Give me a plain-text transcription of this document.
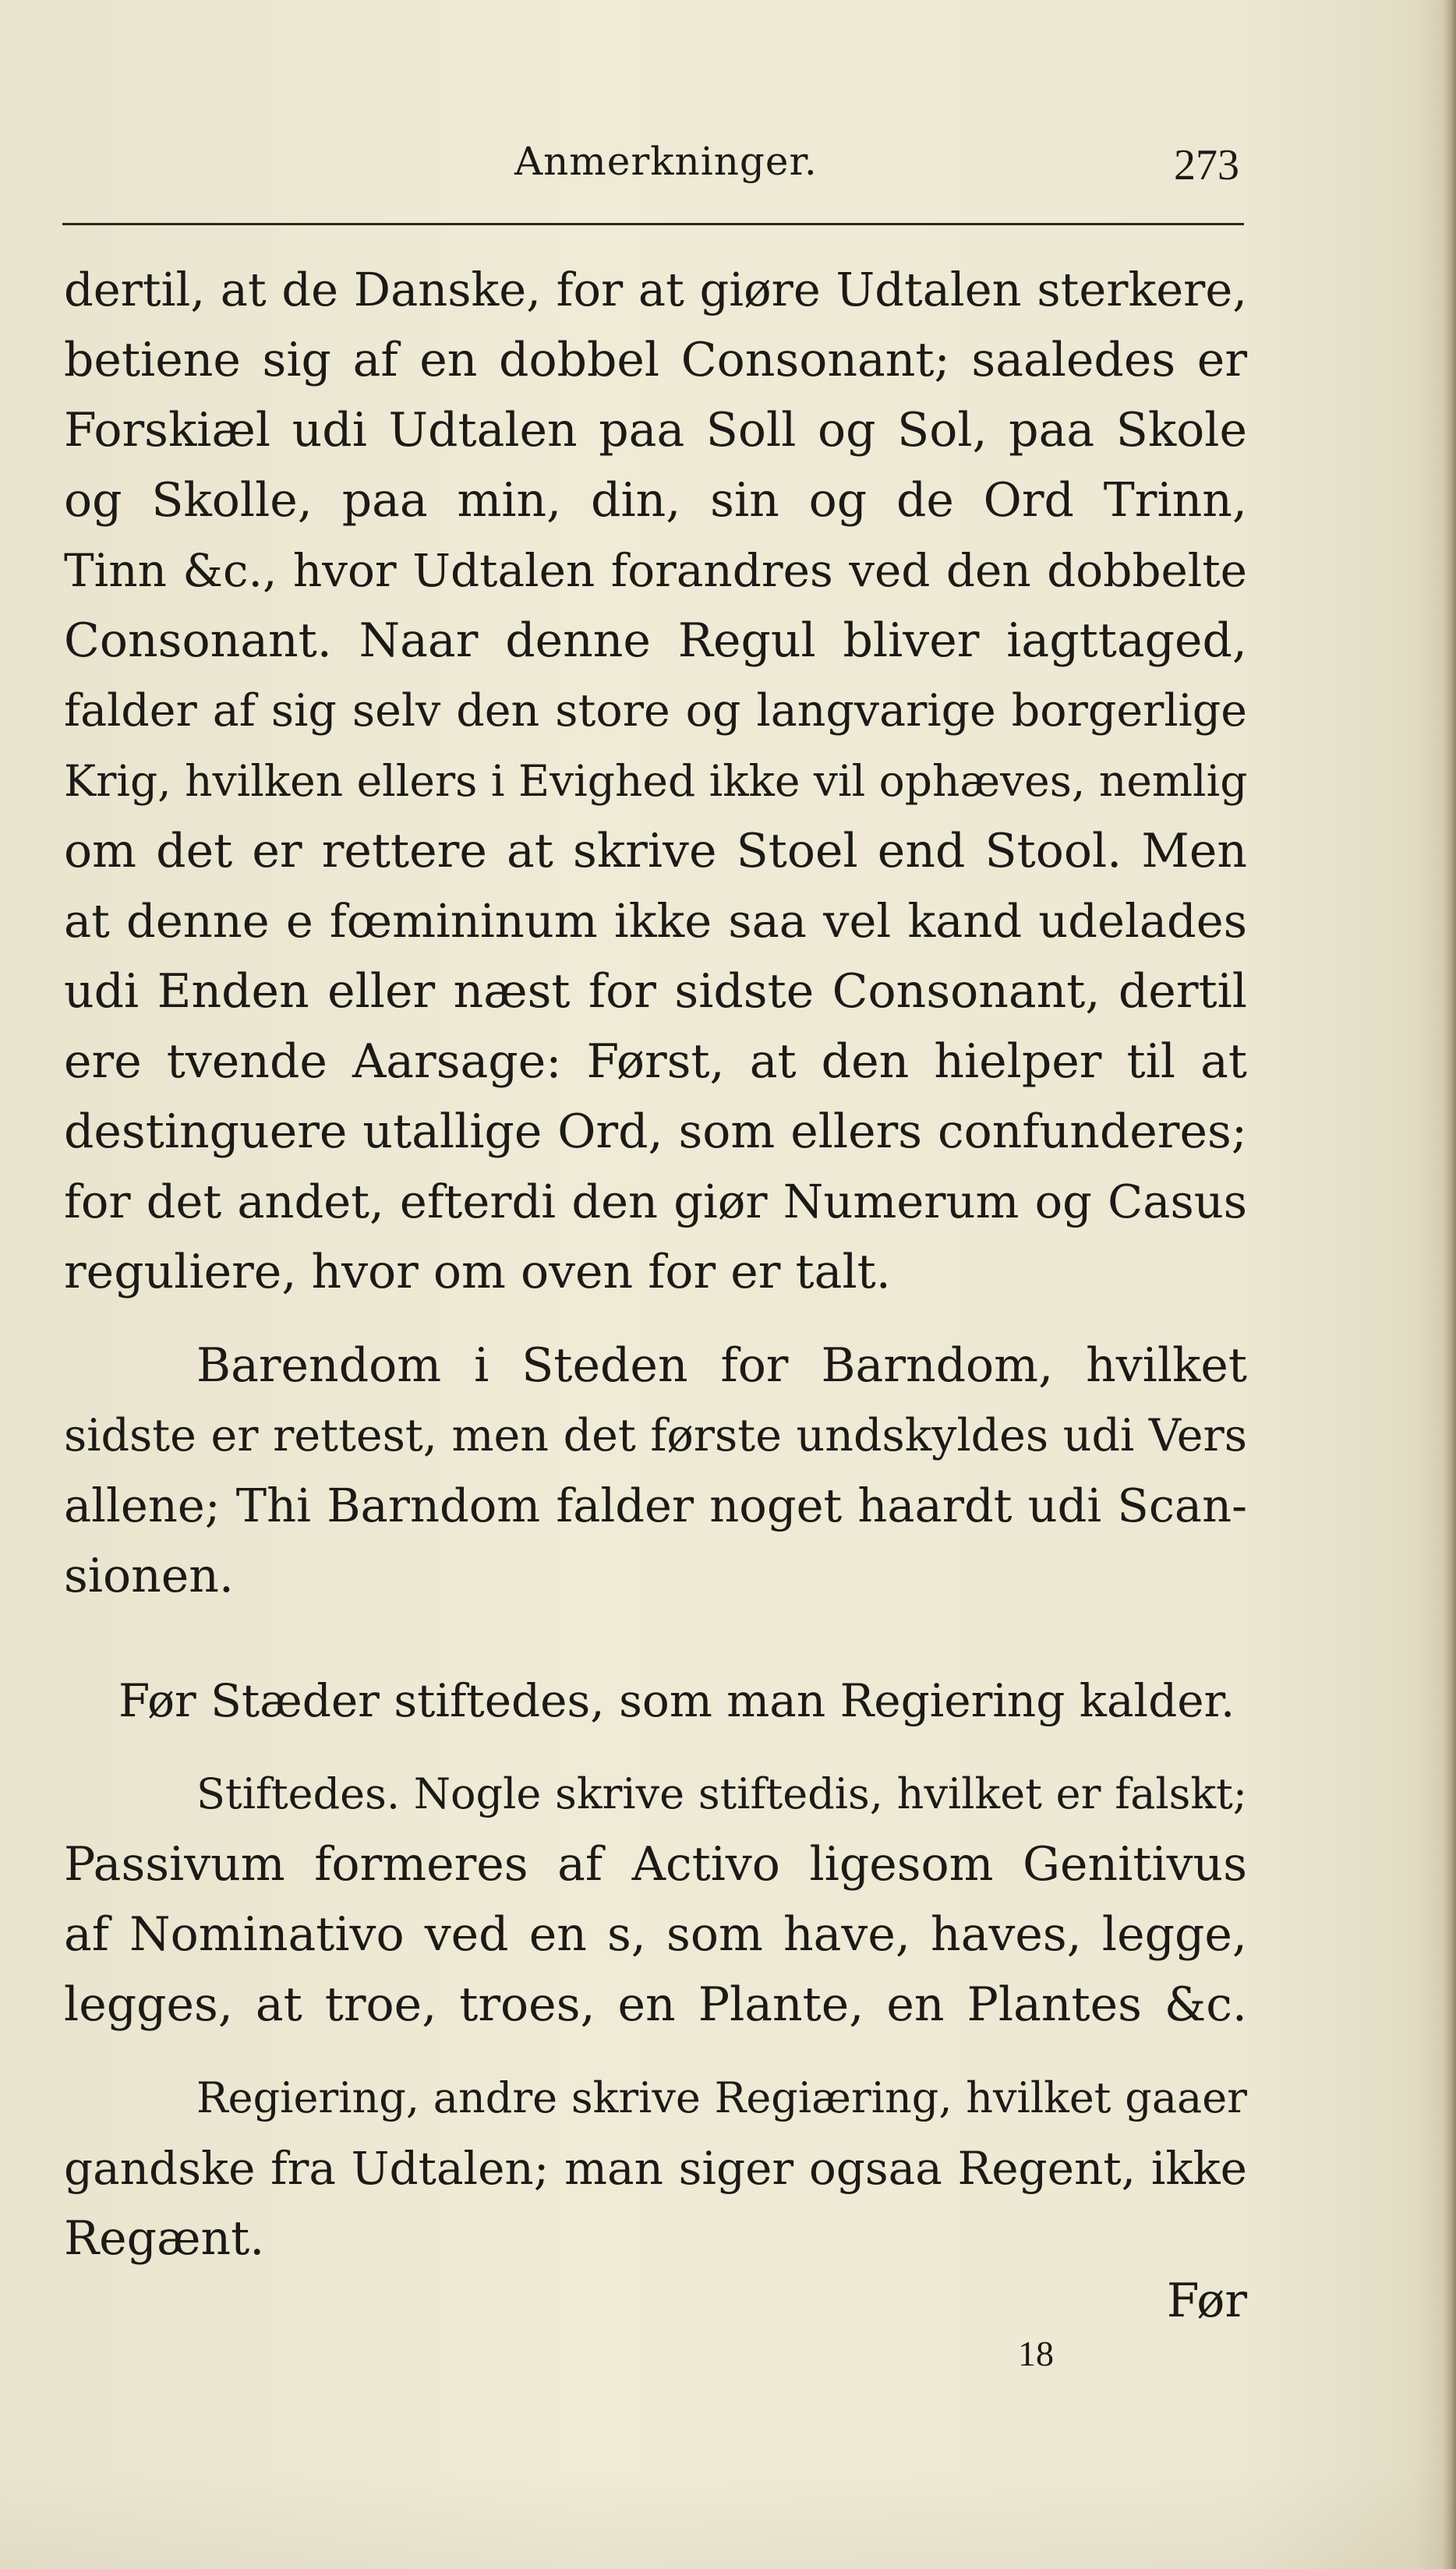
Anmerkninger.	273
dertil, at de Danske, for at giøre Udtalen sterkere,
betiene sig af en dobbel Consonant; saaledes er
Forskiæl udi Udtalen paa Soll og Sol, paa Skole
og Skolle, paa min, din, sin og de Ord Trinn,
Tinn &c., hvor Udtalen forandres ved den dobbelte
Consonant. Naar denne Regul bliver iagttaged,
falder af sig selv den store og langvarige borgerlige
Krig, hvilken ellers i Evighed ikke vil ophæves, nemlig
om det er rettere at skrive Stoel end Stool. Men
at denne e fœmininum ikke saa vel kand udelades
udi Enden eller næst for sidste Consonant, dertil
ere tvende Aarsage: Først, at den hielper til at
destinguere utallige Ord, som ellers confunderes;
for det andet, efterdi den giør Numerum og Casus
reguliere, hvor om oven for er talt.
Barendom i Steden for Barndom, hvilket
sidste er rettest, men det første undskyldes udi Vers
allene; Thi Barndom falder noget haardt udi Scan-
sionen.
Før Stæder stiftedes, som man Regiering kalder.
Stiftedes. Nogle skrive stiftedis, hvilket er falskt;
Passivum formeres af Activo ligesom Genitivus
af Nominativo ved en s, som have, haves, legge,
legges, at troe, troes, en Plante, en Plantes &c.
Regiering, andre skrive Regiæring, hvilket gaaer
gandske fra Udtalen; man siger ogsaa Regent, ikke
Regænt.
Før
18
